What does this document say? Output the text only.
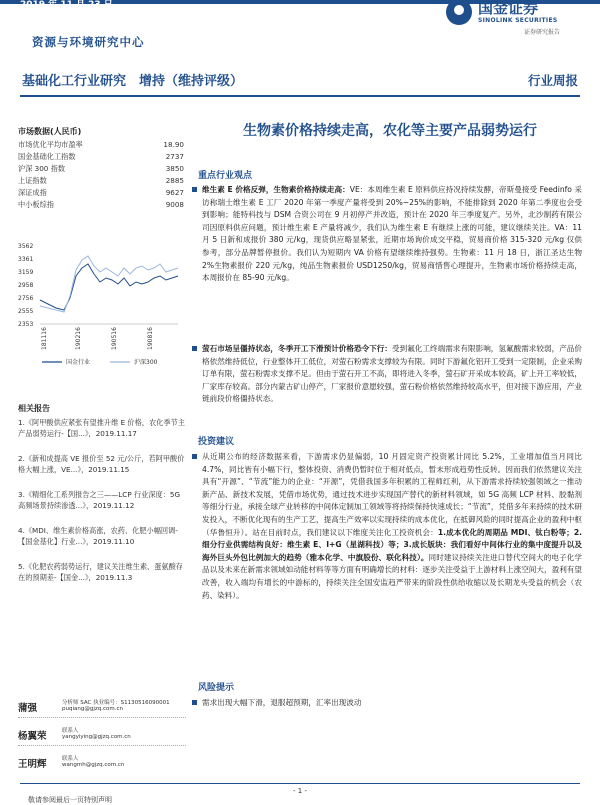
2019 年 11 月 23 日
资源与环境研究中心
国金证券
SINOLINK SECURITIES
证券研究报告
基础化工行业研究　增持（维持评级）	行业周报
市场数据(人民币)
市场优化平均市盈率	18.90
国金基础化工指数	2737
沪深 300 指数	3850
上证指数	2885
深证成指	9627
中小板综指	9008
3562
3361
3159
2958
2756
2555
2353
181116	190216	190516	190816
国金行业	沪深300
相关报告
1.《阿甲酸供应紧张有望推升维 E 价格，农化季节主产品弱势运行-【国...》，2019.11.17
2.《新和成提高 VE 报价至 52 元/公斤，若阿甲酸价格大幅上涨，VE...》，2019.11.15
3.《精细化工系列报告之三——LCP 行业深度：5G 高频场景持续渗透...》，2019.11.12
4.《MDI、维生素价格高涨，农药、化肥小幅回调-【国金基化】行业...》，2019.11.10
5.《化肥农药弱势运行，建议关注维生素、蛋氨酸存在的预期差-【国金...》，2019.11.3
蒲强	分析师 SAC 执业编号：S1130516090001
puqiang@gjzq.com.cn
杨翼荣	联系人
yangyiying@gjzq.com.cn
王明辉	联系人
wangmh@gjzq.com.cn
生物素价格持续走高，农化等主要产品弱势运行
重点行业观点
维生素 E 价格反弹，生物素价格持续走高：VE：本周维生素 E 原料供应持况持续发酵，帝斯曼接受 Feedinfo 采访称瑞士维生素 E 工厂 2020 年第一季度产量将受到 20%~25%的影响，不能排除到 2020 年第二季度也会受到影响；能特科技与 DSM 合资公司在 9 月初停产并改造，预计在 2020 年三季度复产。另外，北沙制药有限公司因原料供应问题，预计维生素 E 产量将减少，我们认为维生素 E 有继续上涨的可能，建议继续关注。VA：11 月 5 日新和成报价 380 元/kg，现货供应略显紧张，近期市场询价成交平稳，贸易商价格 315-320 元/kg 仅供参考，部分品牌暂停报价。我们认为短期内 VA 价格有望继续维持强势。生物素：11 月 18 日，浙江圣达生物 2%生物素报价 220 元/kg，纯品生物素报价 USD1250/kg，贸易商惜售心理提升，生物素市场价格持续走高，本周报价在 85-90 元/kg。
萤石市场呈僵持状态，冬季开工下滑预计价格恐令下行：受到氟化工终端需求有限影响，氢氟酸需求较弱，产品价格依然维持低位，行业整体开工低位，对萤石粉需求支撑较为有限。同时下游氟化铝开工受到一定限制，企业采购订单有限，萤石粉需求支撑不足。但由于萤石开工不高，即将进入冬季，萤石矿开采成本较高，矿上开工率较低，厂家库存较高。部分内蒙古矿山停产，厂家报价意愿较强，萤石粉价格依然维持较高水平，但对接下游应用，产业链前段价格僵持状态。
投资建议
从近期公布的经济数据来看，下游需求仍显偏弱，10 月固定资产投资累计同比 5.2%，工业增加值当月同比 4.7%，同比皆有小幅下行，整体投资、消费仍暂时位于相对低点，暂未形成趋势性反转。因而我们依然建议关注具有“开源”、“节流”能力的企业：“开源”，凭借我国多年积累的工程师红利，从下游需求持续较强领域之一推动新产品、新技术发展，凭借市场优势，通过技术进步实现国产替代的新材料领域，如 5G 高频 LCP 材料、胶黏剂等细分行业，承接全球产业转移的中间体定制加工领域等将持续保持快速成长；“节流”，凭借多年来持续的技术研发投入，不断优化现有的生产工艺，提高生产效率以实现持续的成本优化，在抵御风险的同时提高企业的盈利中枢（华鲁恒升）。站在目前时点，我们建议以下维度关注化工投资机会：1.成本优化的周期品 MDI、钛白粉等；2.细分行业供需结构良好：维生素 E、I+G（星湖科技）等；3.成长版块：我们看好中间体行业的集中度提升以及海外巨头外包比例加大的趋势（雅本化学、中旗股份、联化科技）。同时建议持续关注进口替代空间大的电子化学品以及未来在新需求领域如动能材料等等方面有明确增长的材料：逐步关注受益于上游材料上涨空间大，盈利有望改善，收入端均有增长的中游标的，持续关注全国安监趋严带来的阶段性供给收缩以及长期龙头受益的机会（农药、染料）。
风险提示
需求出现大幅下滑，退服超预期，汇率出现波动
- 1 -
敬请参阅最后一页特别声明
